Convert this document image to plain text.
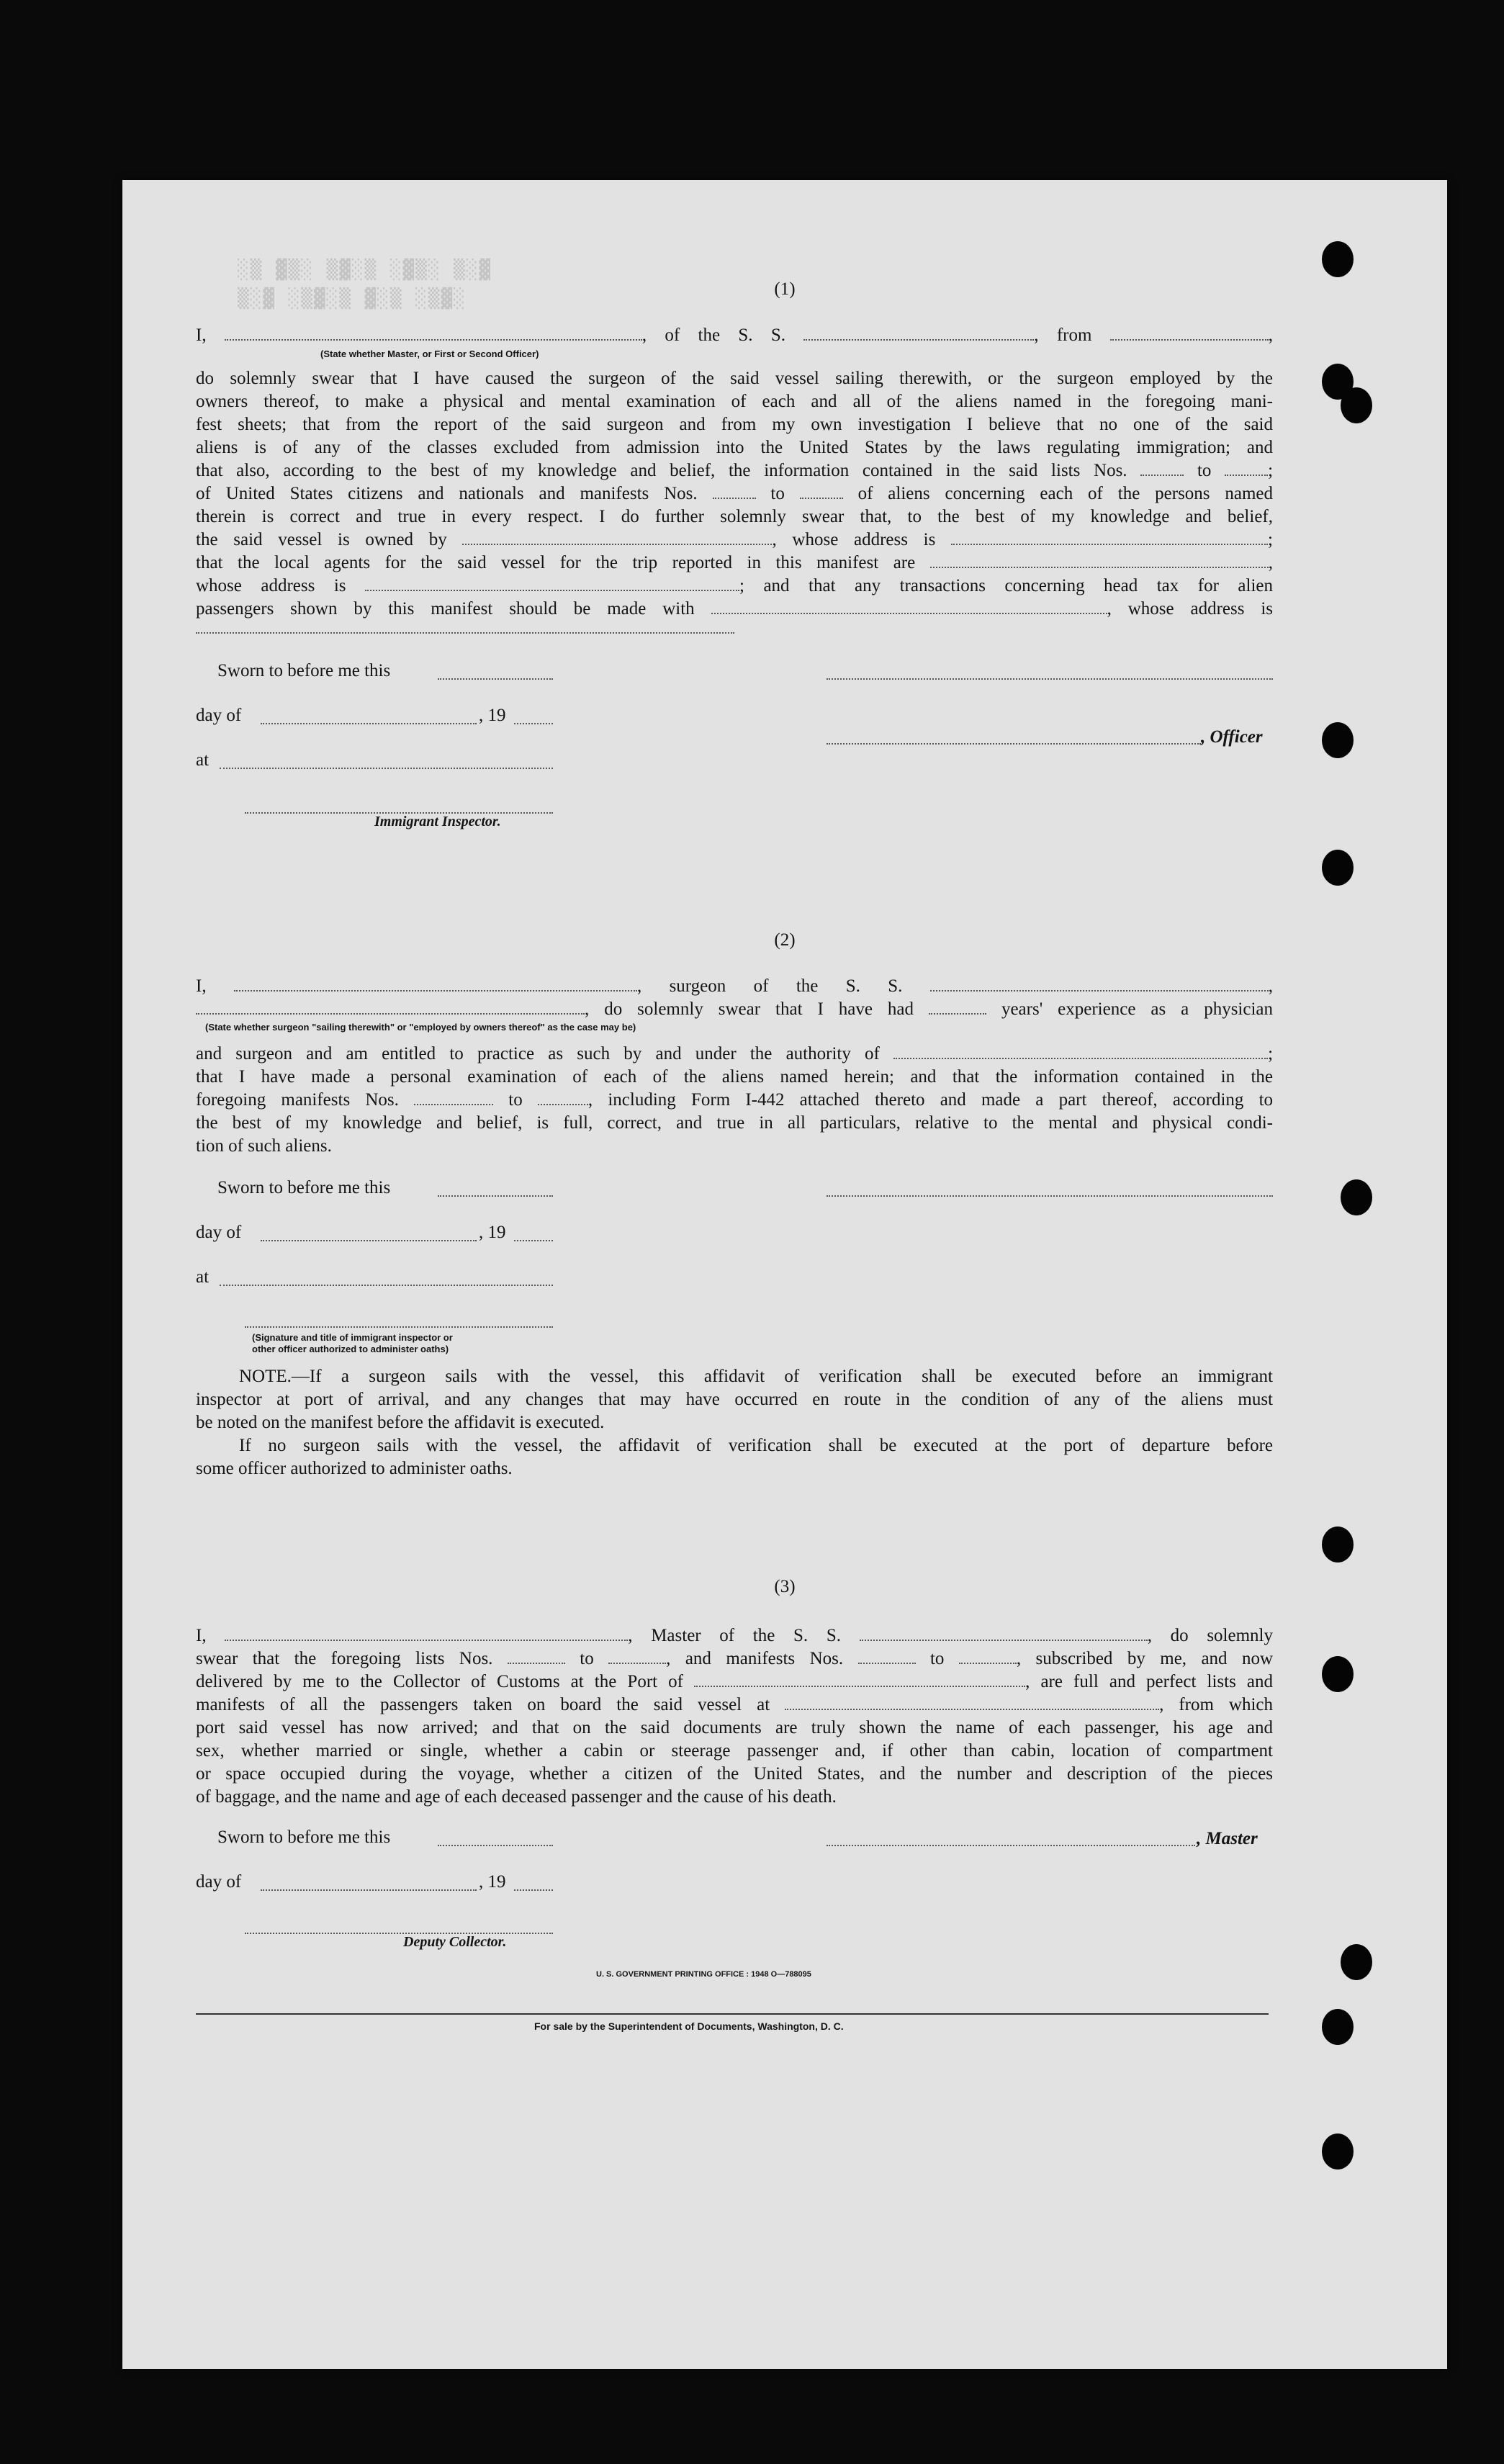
░▒ ▓▒░ ▒▓░▒ ░▓▒░ ▒░▓
▒░▓ ░▒▓░▒ ▓░▒ ░▒▓░	(1)
I,	, of the S. S.	, from	,
(State whether Master, or First or Second Officer)
do solemnly swear that I have caused the surgeon of the said vessel sailing therewith, or the surgeon employed by the
owners thereof, to make a physical and mental examination of each and all of the aliens named in the foregoing mani-
fest sheets; that from the report of the said surgeon and from my own investigation I believe that no one of the said
aliens is of any of the classes excluded from admission into the United States by the laws regulating immigration; and
that also, according to the best of my knowledge and belief, the information contained in the said lists Nos.	to	;
of United States citizens and nationals and manifests Nos.	to	of aliens concerning each of the persons named
therein is correct and true in every respect. I do further solemnly swear that, to the best of my knowledge and belief,
the said vessel is owned by	, whose address is	;
that the local agents for the said vessel for the trip reported in this manifest are	,
whose address is	; and that any transactions concerning head tax for alien
passengers shown by this manifest should be made with	, whose address is
Sworn to before me this
day of	, 19
, Officer
at
Immigrant Inspector.
(2)
I,	, surgeon of the S. S.	,
, do solemnly swear that I have had	years' experience as a physician
(State whether surgeon "sailing therewith" or "employed by owners thereof" as the case may be)
and surgeon and am entitled to practice as such by and under the authority of	;
that I have made a personal examination of each of the aliens named herein; and that the information contained in the
foregoing manifests Nos.	to	, including Form I-442 attached thereto and made a part thereof, according to
the best of my knowledge and belief, is full, correct, and true in all particulars, relative to the mental and physical condi-
tion of such aliens.
Sworn to before me this
day of	, 19
at
(Signature and title of immigrant inspector or
other officer authorized to administer oaths)
NOTE.—If a surgeon sails with the vessel, this affidavit of verification shall be executed before an immigrant
inspector at port of arrival, and any changes that may have occurred en route in the condition of any of the aliens must
be noted on the manifest before the affidavit is executed.
If no surgeon sails with the vessel, the affidavit of verification shall be executed at the port of departure before
some officer authorized to administer oaths.
(3)
I,	, Master of the S. S.	, do solemnly
swear that the foregoing lists Nos.	to	, and manifests Nos.	to	, subscribed by me, and now
delivered by me to the Collector of Customs at the Port of	, are full and perfect lists and
manifests of all the passengers taken on board the said vessel at	, from which
port said vessel has now arrived; and that on the said documents are truly shown the name of each passenger, his age and
sex, whether married or single, whether a cabin or steerage passenger and, if other than cabin, location of compartment
or space occupied during the voyage, whether a citizen of the United States, and the number and description of the pieces
of baggage, and the name and age of each deceased passenger and the cause of his death.
Sworn to before me this	, Master
day of	, 19
Deputy Collector.
U. S. GOVERNMENT PRINTING OFFICE : 1948 O—788095
For sale by the Superintendent of Documents, Washington, D. C.
